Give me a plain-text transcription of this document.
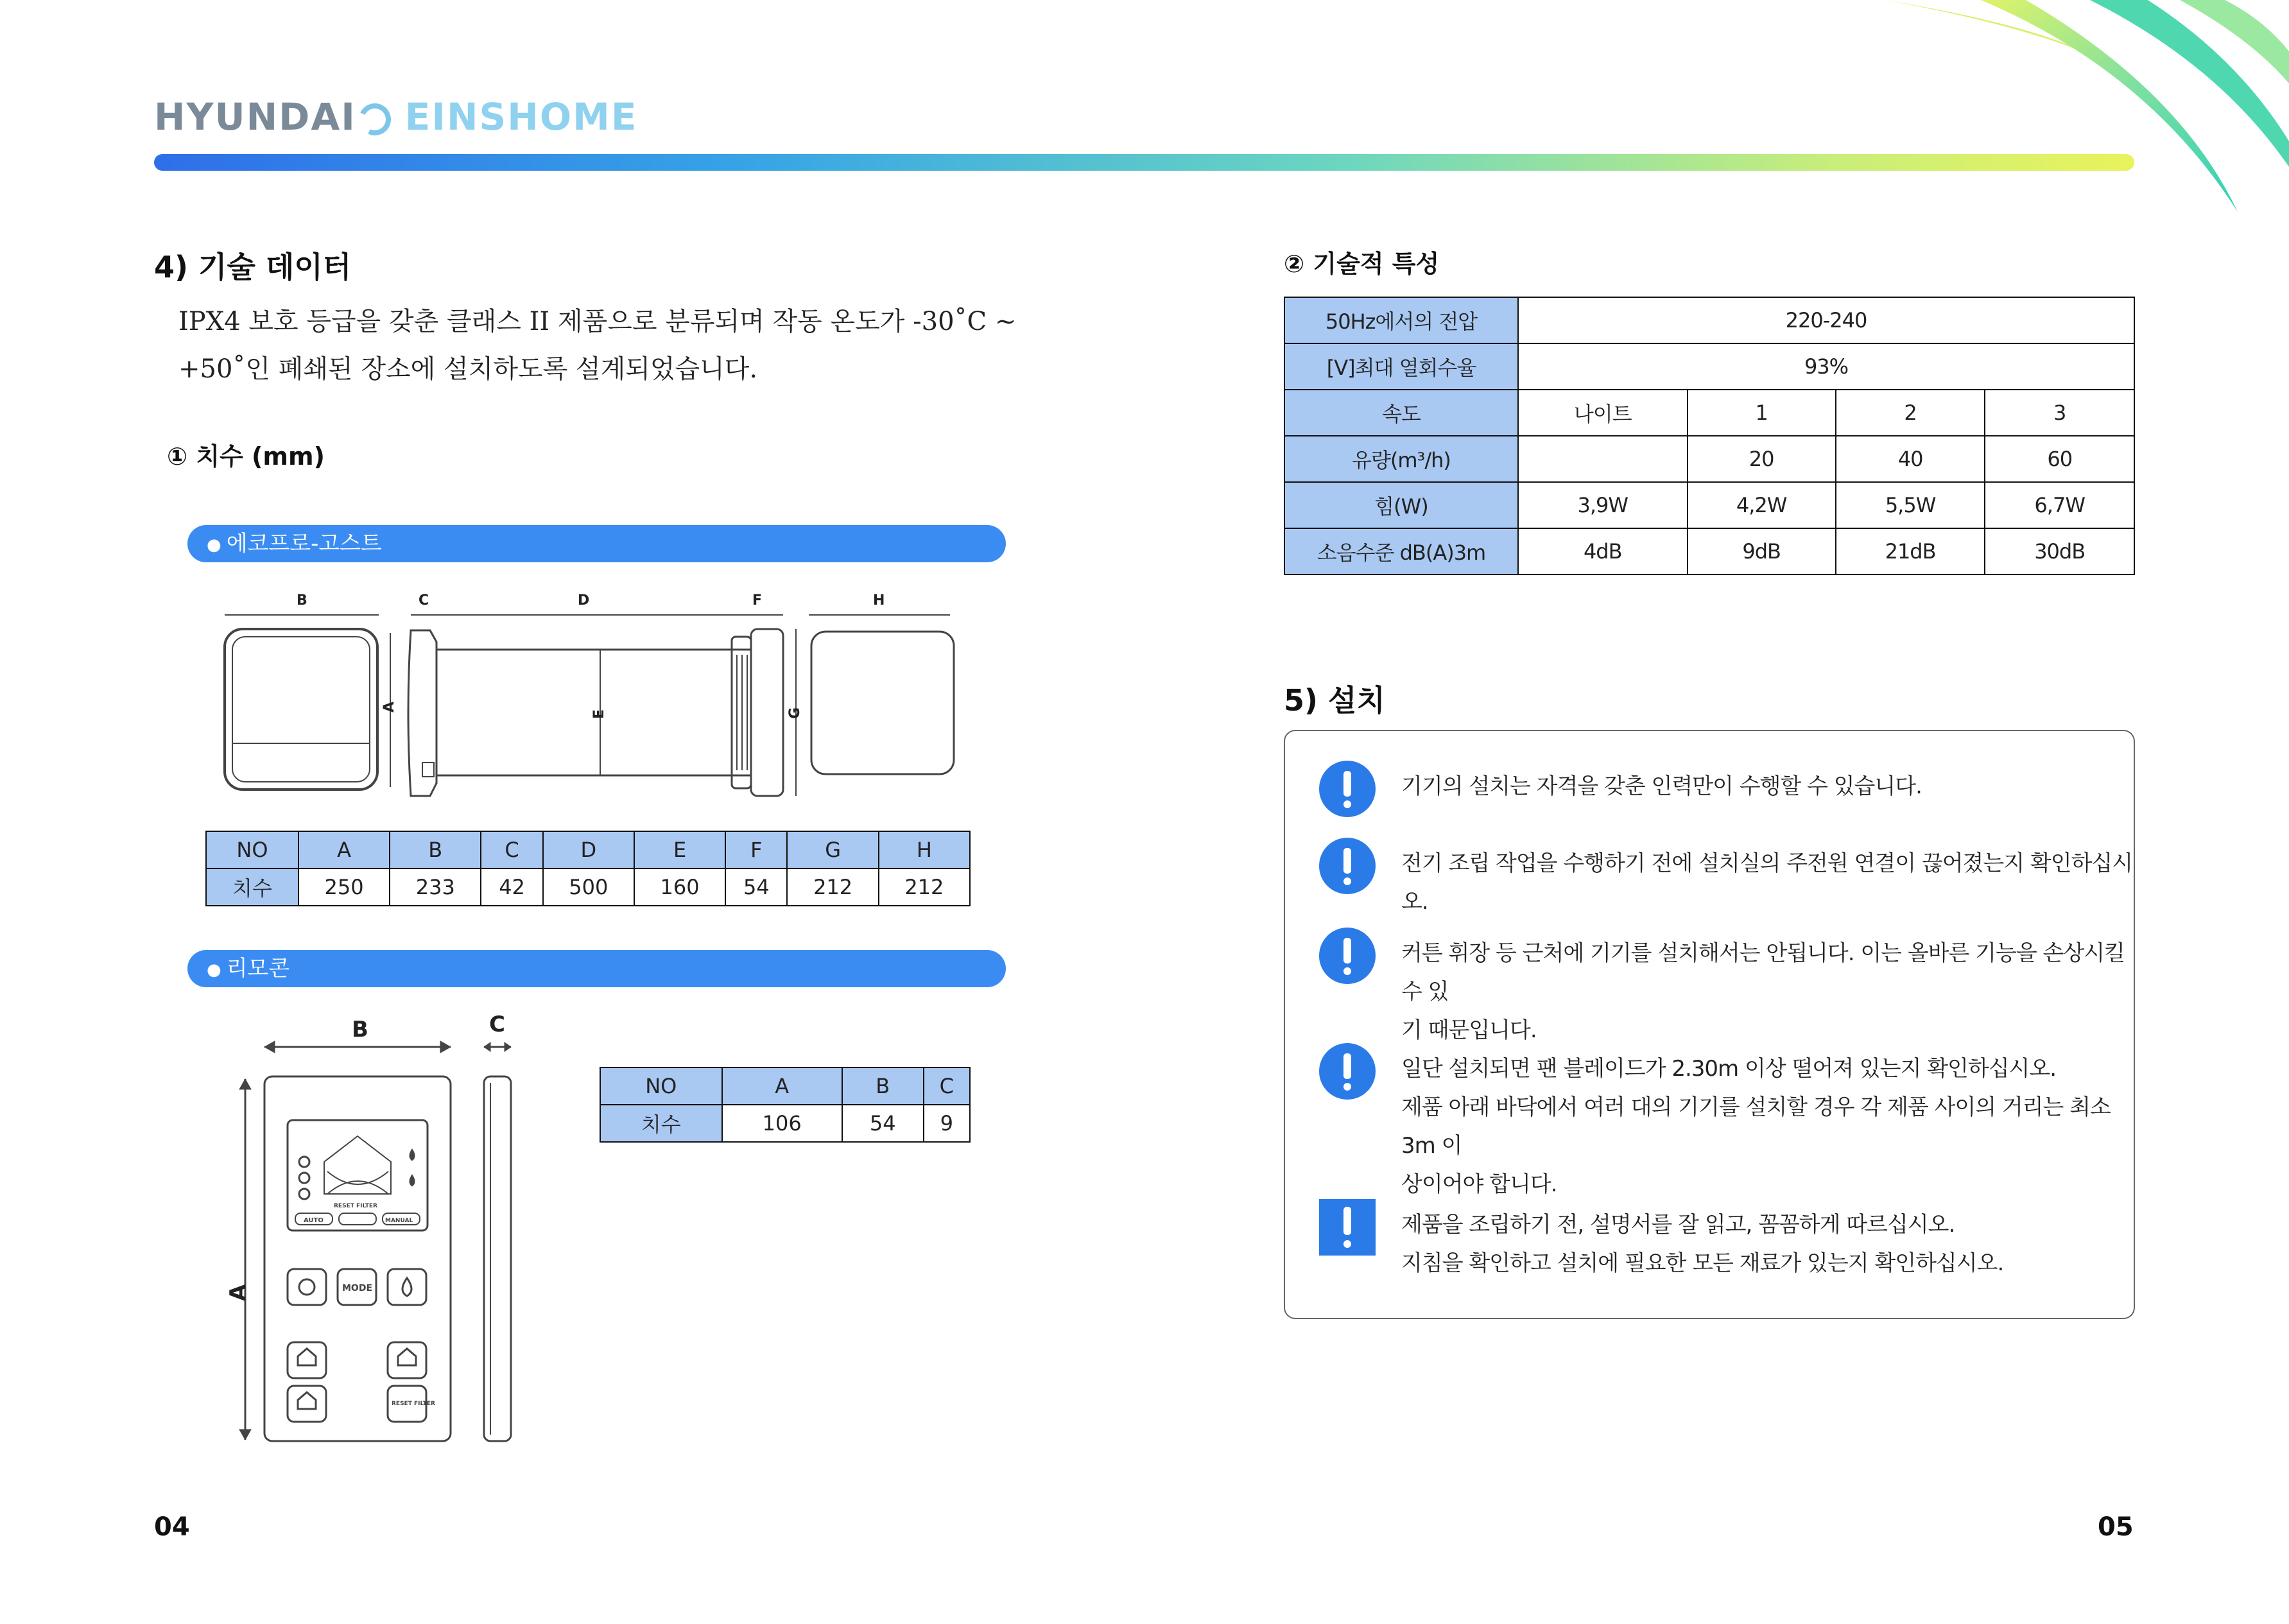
HYUNDAI EINSHOME
4) 기술 데이터
IPX4 보호 등급을 갖춘 클래스 II 제품으로 분류되며 작동 온도가 -30˚C ~
+50˚인 폐쇄된 장소에 설치하도록 설계되었습니다.
① 치수 (mm)
● 에코프로-고스트
B	C	D	F	H
A
E	G
NO	A	B	C	D	E	F	G	H
치수	250	233	42	500	160	54	212	212
● 리모콘
B	C
A
AUTO	MANUAL
RESET FILTER
MODE
RESET FILTER
NO	A	B	C
치수	106	54	9
04
② 기술적 특성
50Hz에서의 전압	220-240			
[V]최대 열회수율	93%			
속도	나이트	1	2	3
유량(m³/h)		20	40	60
힘(W)	3,9W	4,2W	5,5W	6,7W
소음수준 dB(A)3m	4dB	9dB	21dB	30dB
5) 설치
기기의 설치는 자격을 갖춘 인력만이 수행할 수 있습니다.
전기 조립 작업을 수행하기 전에 설치실의 주전원 연결이 끊어졌는지 확인하십시오.
커튼 휘장 등 근처에 기기를 설치해서는 안됩니다. 이는 올바른 기능을 손상시킬 수 있
기 때문입니다.
일단 설치되면 팬 블레이드가 2.30m 이상 떨어져 있는지 확인하십시오.
제품 아래 바닥에서 여러 대의 기기를 설치할 경우 각 제품 사이의 거리는 최소 3m 이
상이어야 합니다.
제품을 조립하기 전, 설명서를 잘 읽고, 꼼꼼하게 따르십시오.
지침을 확인하고 설치에 필요한 모든 재료가 있는지 확인하십시오.
05
